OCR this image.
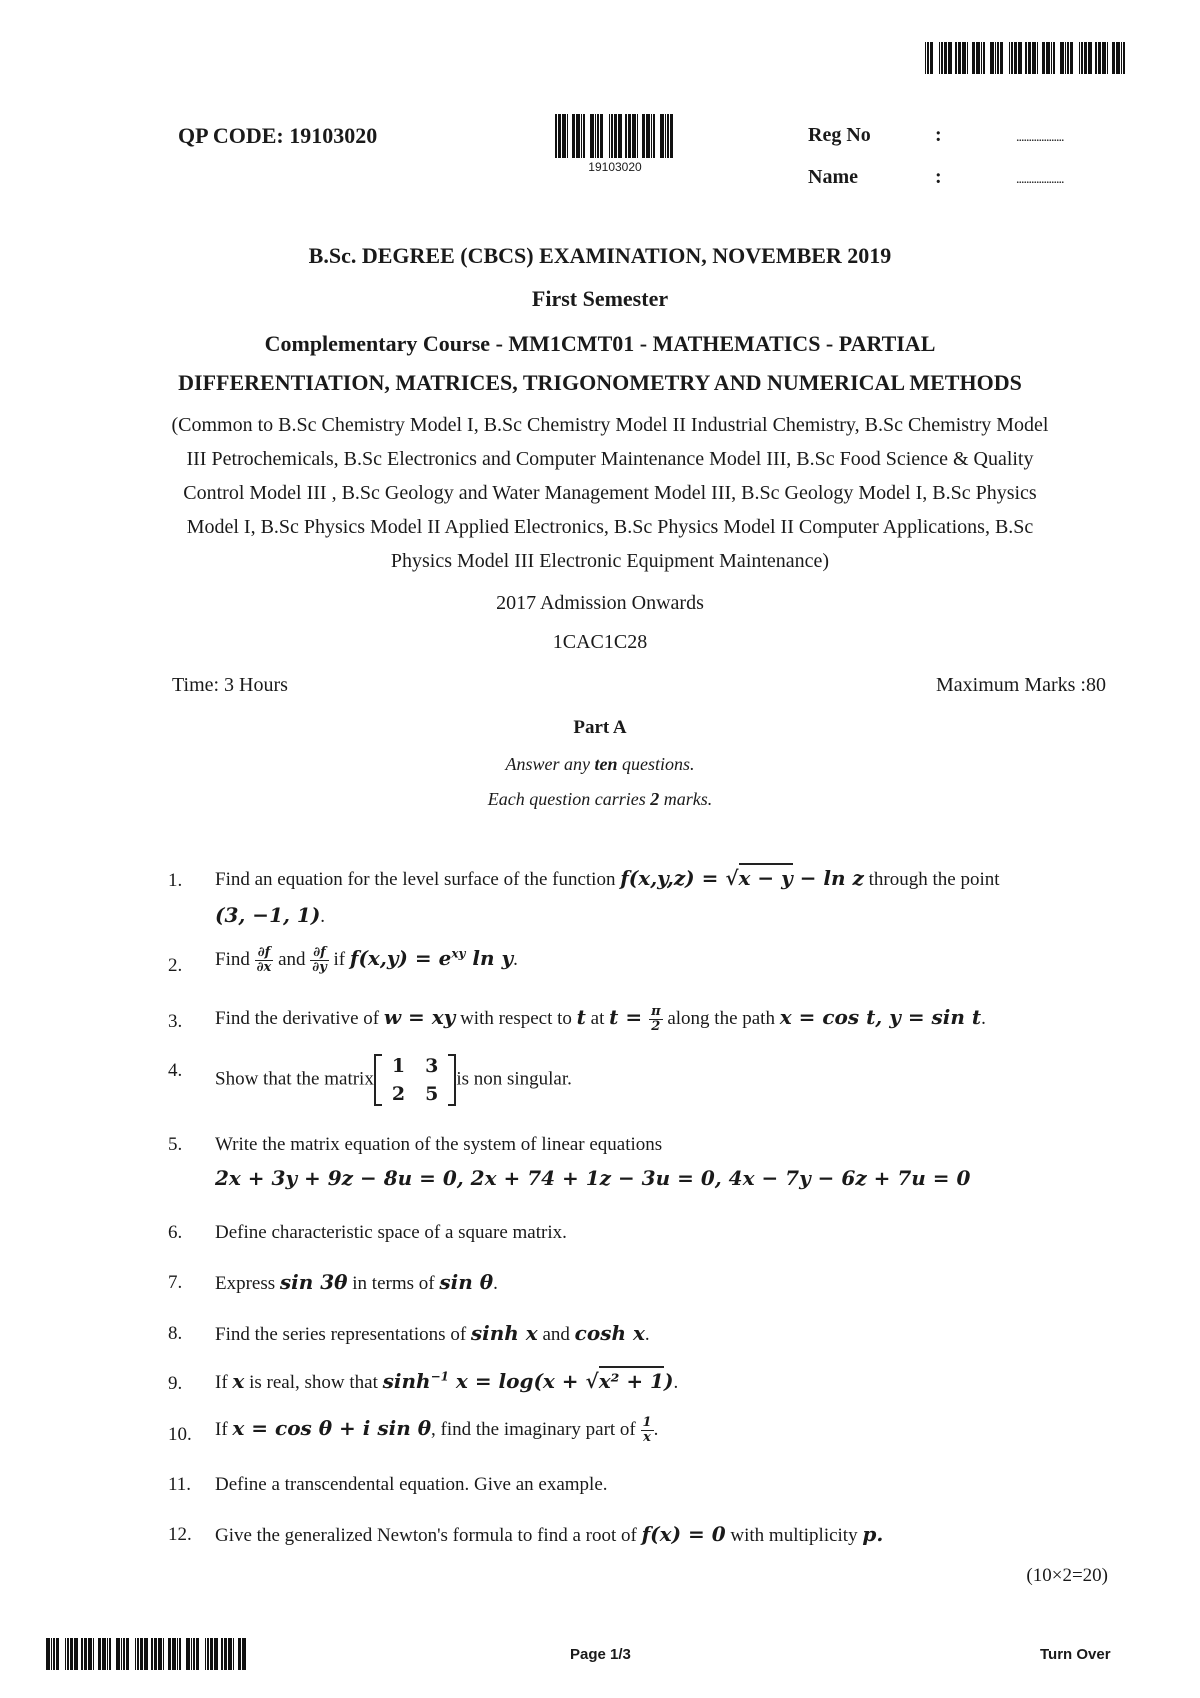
19103020
QP CODE: 19103020	Reg No	:	...................
Name	:	...................
B.Sc. DEGREE (CBCS) EXAMINATION, NOVEMBER 2019
First Semester
Complementary Course - MM1CMT01 - MATHEMATICS - PARTIAL
DIFFERENTIATION, MATRICES, TRIGONOMETRY AND NUMERICAL METHODS
(Common to B.Sc Chemistry Model I, B.Sc Chemistry Model II Industrial Chemistry, B.Sc Chemistry Model
III Petrochemicals, B.Sc Electronics and Computer Maintenance Model III, B.Sc Food Science & Quality
Control Model III , B.Sc Geology and Water Management Model III, B.Sc Geology Model I, B.Sc Physics
Model I, B.Sc Physics Model II Applied Electronics, B.Sc Physics Model II Computer Applications, B.Sc
Physics Model III Electronic Equipment Maintenance)
2017 Admission Onwards
1CAC1C28
Time: 3 Hours	Maximum Marks :80
Part A
Answer any ten questions.
Each question carries 2 marks.
1.	Find an equation for the level surface of the function f(x,y,z) = √x − y − ln z through the point
(3, −1, 1).
2.	Find $\frac{\partial f}{\partial x}$ and $\frac{\partial f}{\partial y}$ if $f(x,y) = e^{xy}$ ln y.
3.	Find the derivative of w = xy with respect to t at $t = \frac{\pi}{2}$ along the path x = cos t, y = sin t.
4.	Show that the matrix
1	3
2	5
is non singular.
5.	Write the matrix equation of the system of linear equations
2x + 3y + 9z − 8u = 0, 2x + 74 + 1z − 3u = 0, 4x − 7y − 6z + 7u = 0
6.	Define characteristic space of a square matrix.
7.	Express sin 3θ in terms of sin θ.
8.	Find the series representations of sinh x and cosh x.
9.	If x is real, show that $\sinh^{-1} x = \log(x + √x^2 + 1)$.
10.	If x = cos θ + i sin θ, find the imaginary part of $\frac{1}{x}$ .
11.	Define a transcendental equation. Give an example.
12.	Give the generalized Newton's formula to find a root of f(x) = 0 with multiplicity p.
(10×2=20)
Page 1/3	Turn Over
